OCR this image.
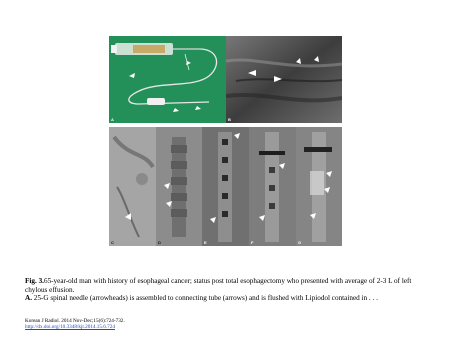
A	B
C	D	E	F	G
Fig. 3.65-year-old man with history of esophageal cancer; status post total esophagectomy who presented with average of 2-3 L of left chylous effusion.
A. 25-G spinal needle (arrowheads) is assembled to connecting tube (arrows) and is flushed with Lipiodol contained in . . .
Korean J Radiol. 2014 Nov-Dec;15(6):724-732.
http://dx.doi.org/10.3348/kjr.2014.15.6.724
